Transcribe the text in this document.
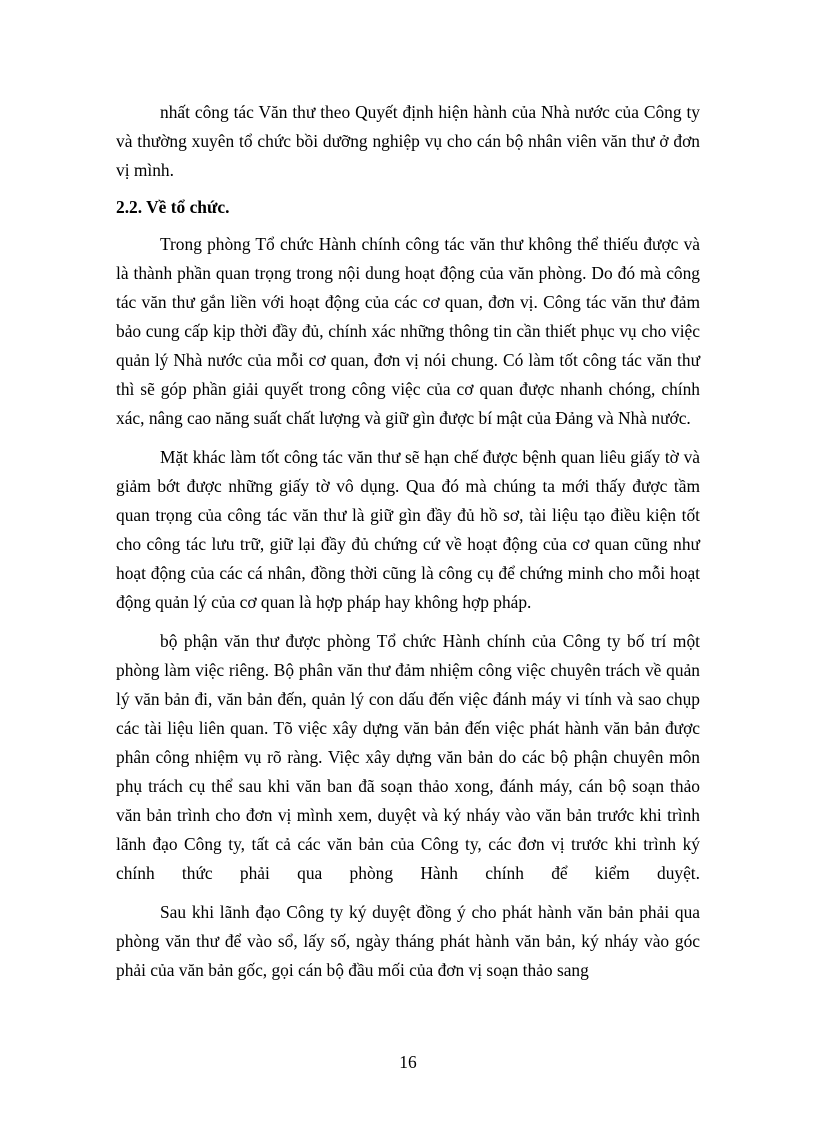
nhất công tác Văn thư theo Quyết định hiện hành của Nhà nước của Công ty và thường xuyên tổ chức bồi dưỡng nghiệp vụ cho cán bộ nhân viên văn thư ở đơn vị mình.

2.2. Về tổ chức.

Trong phòng Tổ chức Hành chính công tác văn thư không thể thiếu được và là thành phần quan trọng trong nội dung hoạt động của văn phòng. Do đó mà công tác văn thư gắn liền với hoạt động của các cơ quan, đơn vị. Công tác văn thư đảm bảo cung cấp kịp thời đầy đủ, chính xác những thông tin cần thiết phục vụ cho việc quản lý Nhà nước của mỗi cơ quan, đơn vị nói chung. Có làm tốt công tác văn thư thì sẽ góp phần giải quyết trong công việc của cơ quan được nhanh chóng, chính xác, nâng cao năng suất chất lượng và giữ gìn được bí mật của Đảng và Nhà nước.

Mặt khác làm tốt công tác văn thư sẽ hạn chế được bệnh quan liêu giấy tờ và giảm bớt được những giấy tờ vô dụng. Qua đó mà chúng ta mới thấy được tầm quan trọng của công tác văn thư là giữ gìn đầy đủ hồ sơ, tài liệu tạo điều kiện tốt cho công tác lưu trữ, giữ lại đầy đủ chứng cứ về hoạt động của cơ quan cũng như hoạt động của các cá nhân, đồng thời cũng là công cụ để chứng minh cho mỗi hoạt động quản lý của cơ quan là hợp pháp hay không hợp pháp.

bộ phận văn thư được phòng Tổ chức Hành chính của Công ty bố trí một phòng làm việc riêng. Bộ phân văn thư đảm nhiệm công việc chuyên trách về quản lý văn bản đi, văn bản đến, quản lý con dấu đến việc đánh máy vi tính và sao chụp các tài liệu liên quan. Tõ việc xây dựng văn bản đến việc phát hành văn bản được phân công nhiệm vụ rõ ràng. Việc xây dựng văn bản do các bộ phận chuyên môn phụ trách cụ thể sau khi văn ban đã soạn thảo xong, đánh máy, cán bộ soạn thảo văn bản trình cho đơn vị mình xem, duyệt và ký nháy vào văn bản trước khi trình lãnh đạo Công ty, tất cả các văn bản của Công ty, các đơn vị trước khi trình ký chính thức phải qua phòng Hành chính để kiểm duyệt.

Sau khi lãnh đạo Công ty ký duyệt đồng ý cho phát hành văn bản phải qua phòng văn thư để vào sổ, lấy số, ngày tháng phát hành văn bản, ký nháy vào góc phải của văn bản gốc, gọi cán bộ đầu mối của đơn vị soạn thảo sang

16
